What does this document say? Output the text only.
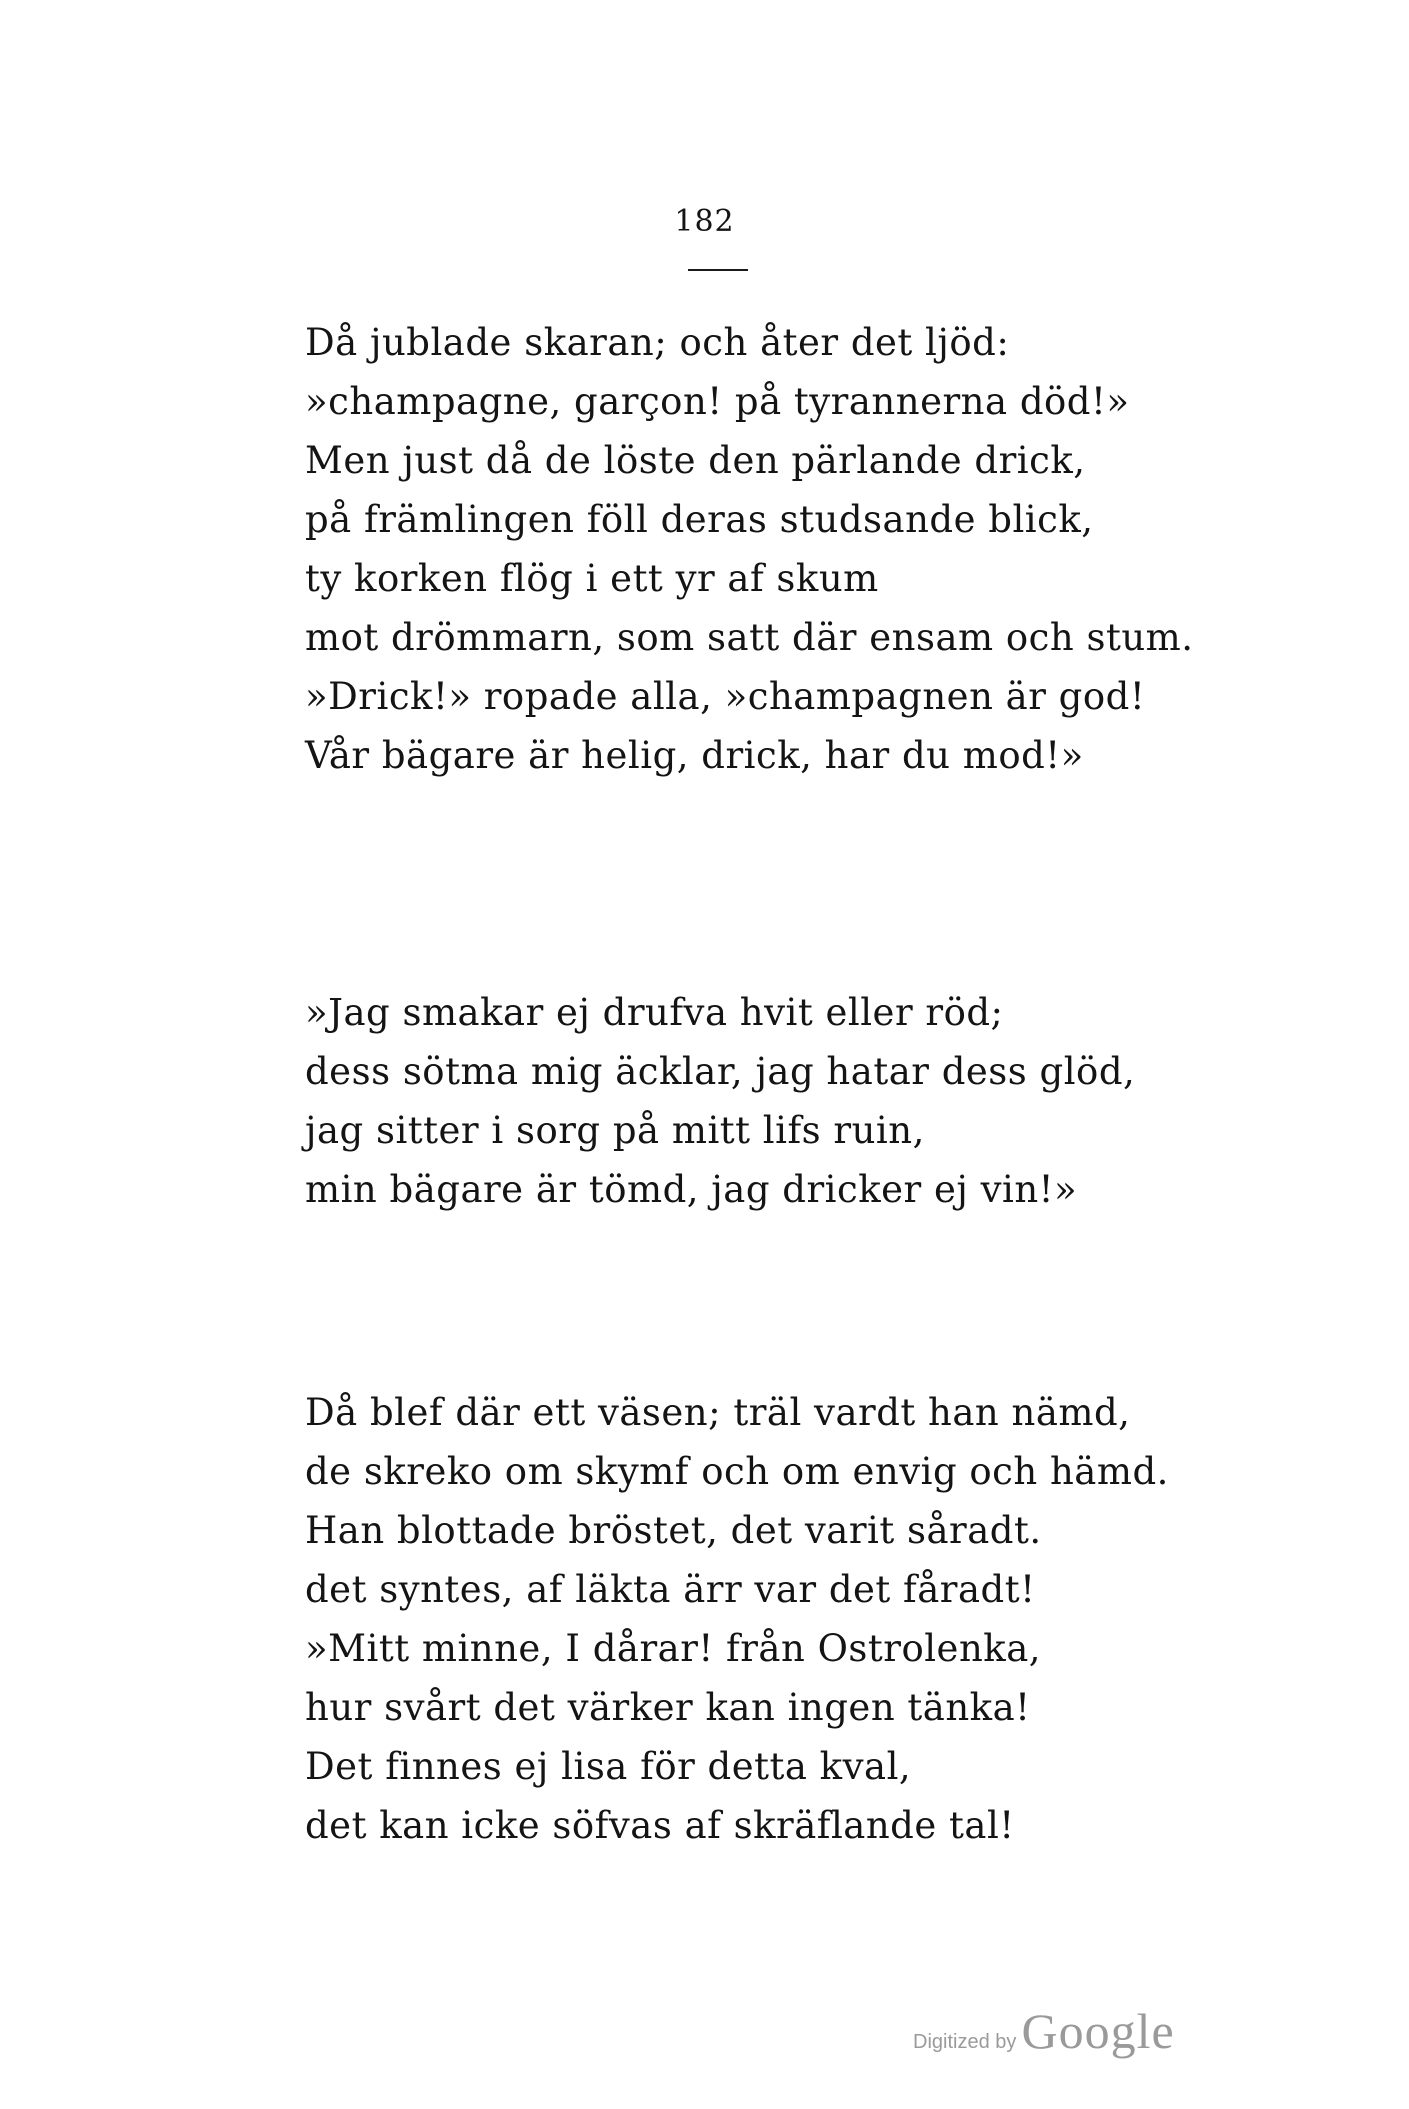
182
Då jublade skaran; och åter det ljöd:
»champagne, garçon! på tyrannerna död!»
Men just då de löste den pärlande drick,
på främlingen föll deras studsande blick,
ty korken flög i ett yr af skum
mot drömmarn, som satt där ensam och stum.
»Drick!» ropade alla, »champagnen är god!
Vår bägare är helig, drick, har du mod!»
»Jag smakar ej drufva hvit eller röd;
dess sötma mig äcklar, jag hatar dess glöd,
jag sitter i sorg på mitt lifs ruin,
min bägare är tömd, jag dricker ej vin!»
Då blef där ett väsen; träl vardt han nämd,
de skreko om skymf och om envig och hämd.
Han blottade bröstet, det varit såradt.
det syntes, af läkta ärr var det fåradt!
»Mitt minne, I dårar! från Ostrolenka,
hur svårt det värker kan ingen tänka!
Det finnes ej lisa för detta kval,
det kan icke söfvas af skräflande tal!
Digitized by Google
